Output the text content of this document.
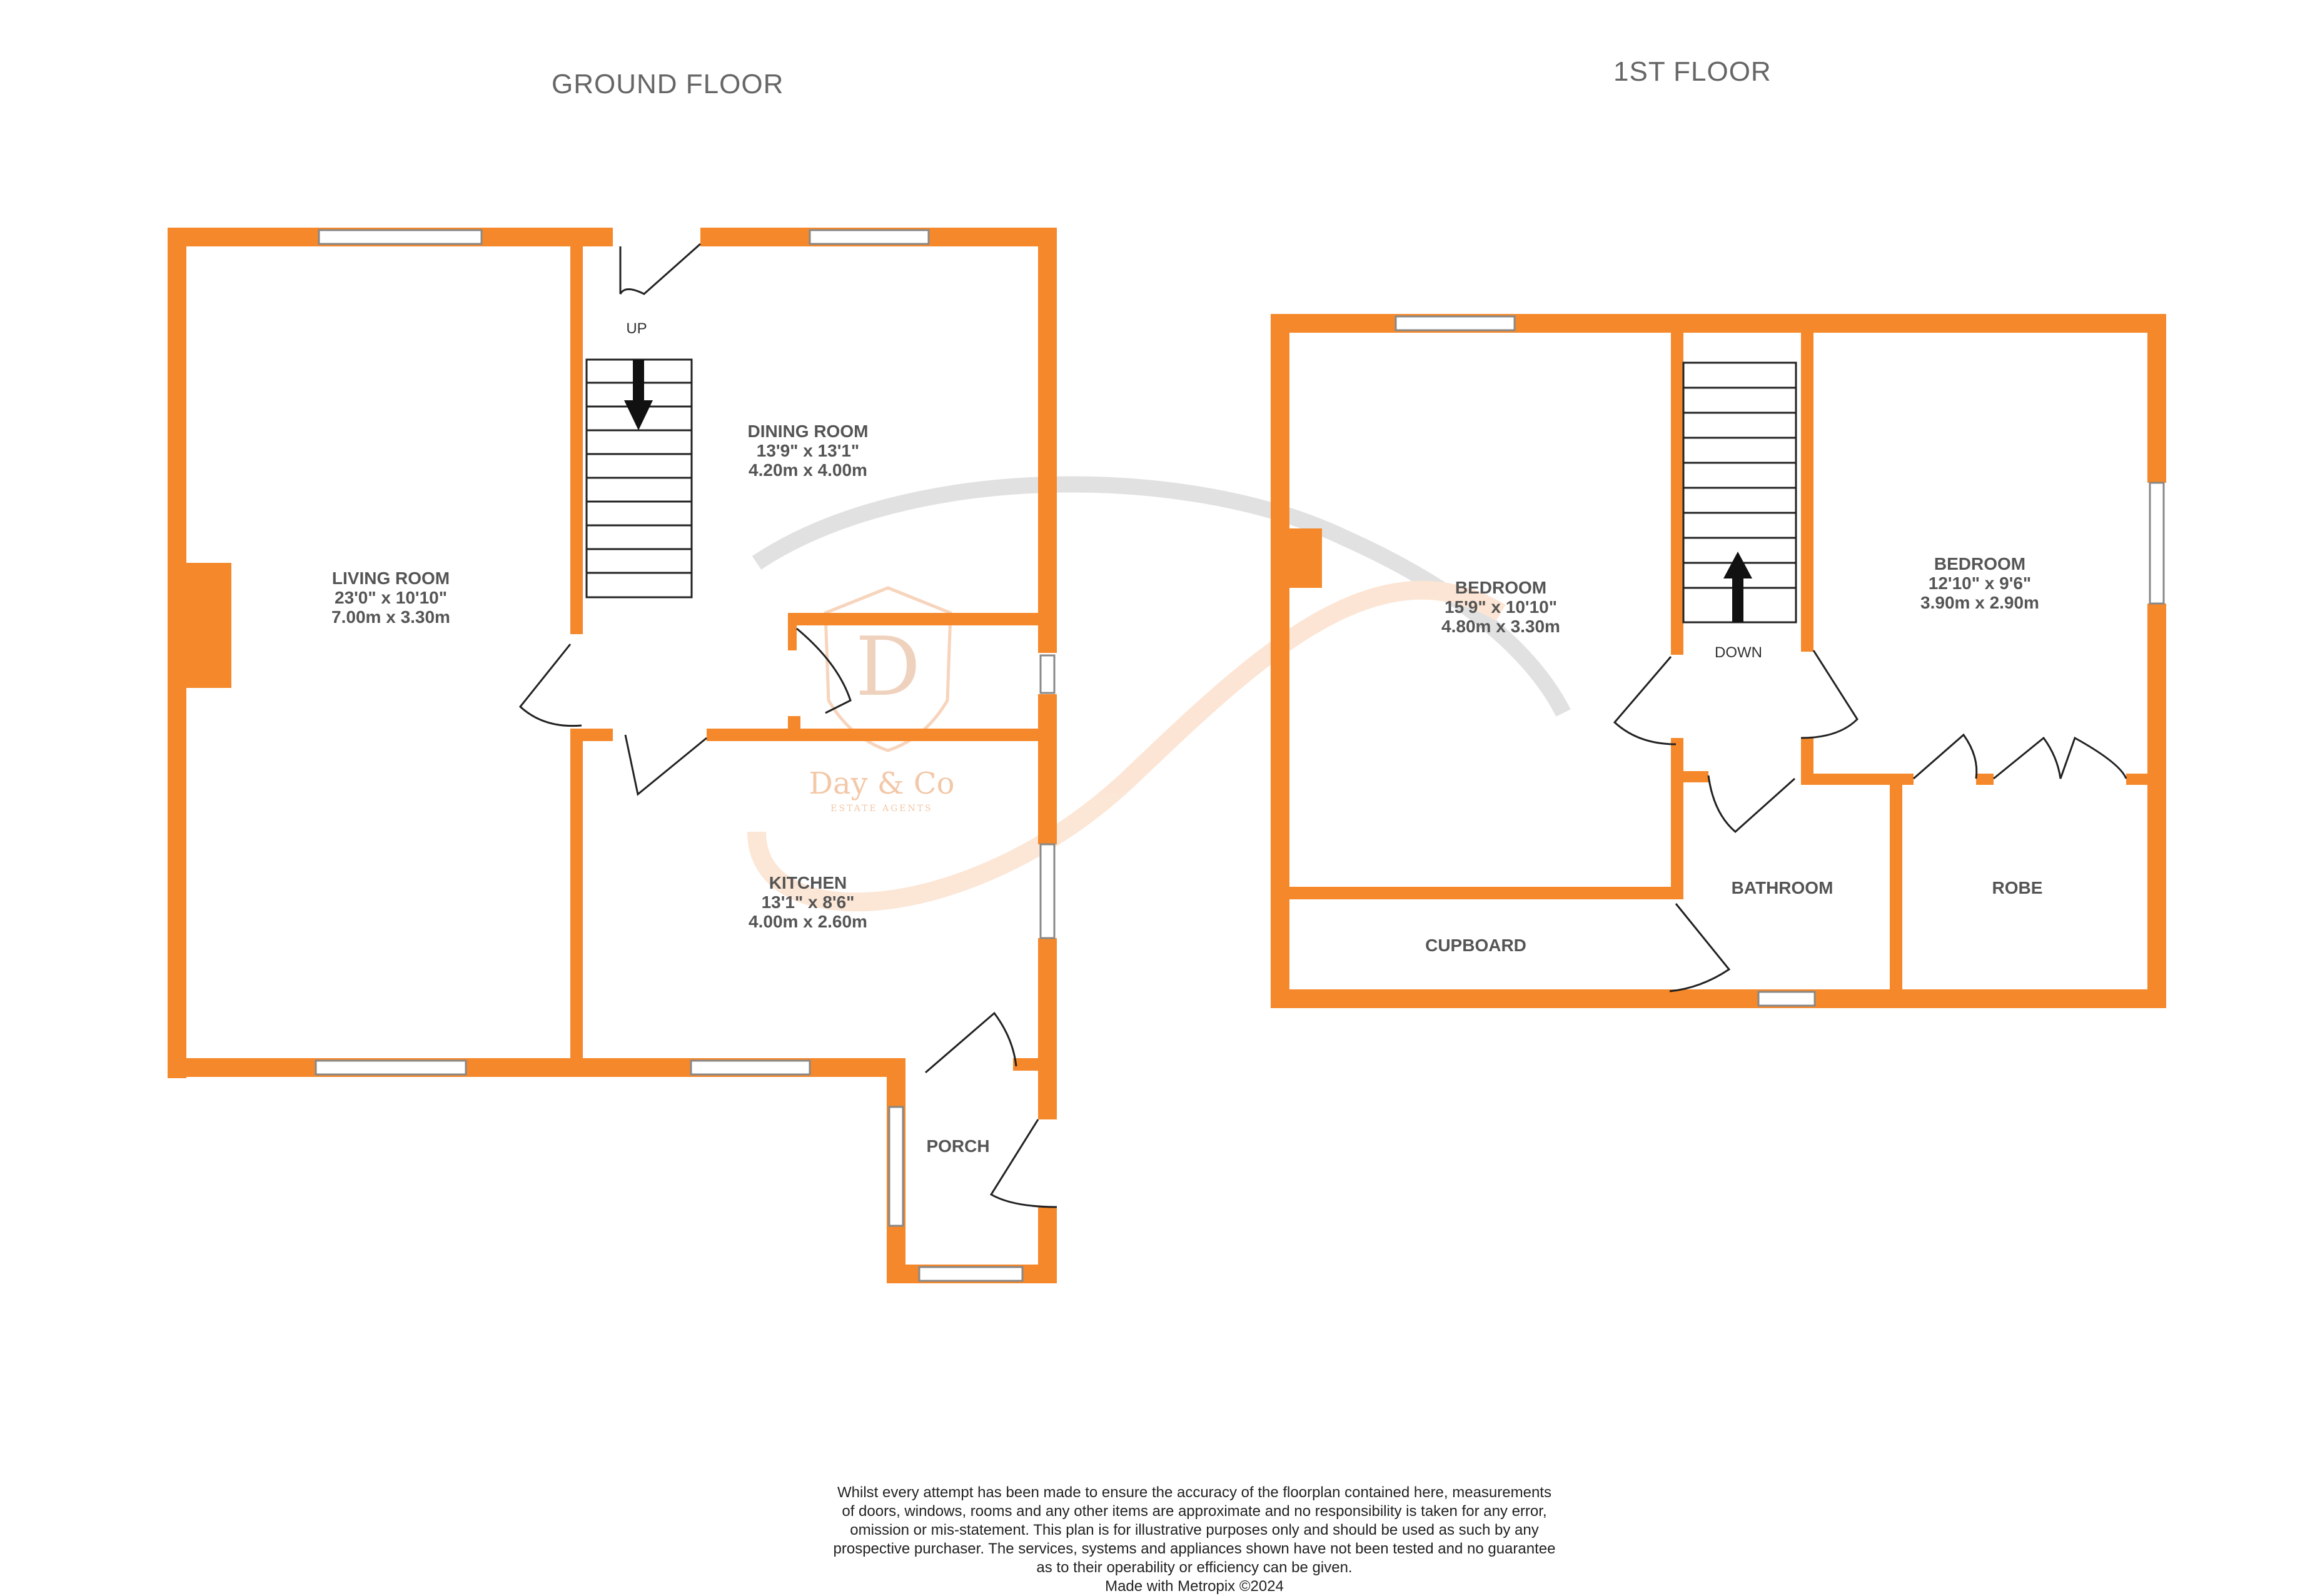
GROUND FLOOR	1ST FLOOR
LIVING ROOM
23'0" x 10'10"
7.00m x 3.30m
DINING ROOM
13'9" x 13'1"
4.20m x 4.00m
KITCHEN
13'1" x 8'6"
4.00m x 2.60m
PORCH
UP
BEDROOM
15'9" x 10'10"
4.80m x 3.30m
BEDROOM
12'10" x 9'6"
3.90m x 2.90m
BATHROOM	ROBE
CUPBOARD
DOWN
D
Day & Co
ESTATE AGENTS
Whilst every attempt has been made to ensure the accuracy of the floorplan contained here, measurements
of doors, windows, rooms and any other items are approximate and no responsibility is taken for any error,
omission or mis-statement. This plan is for illustrative purposes only and should be used as such by any
prospective purchaser. The services, systems and appliances shown have not been tested and no guarantee
as to their operability or efficiency can be given.
Made with Metropix ©2024
